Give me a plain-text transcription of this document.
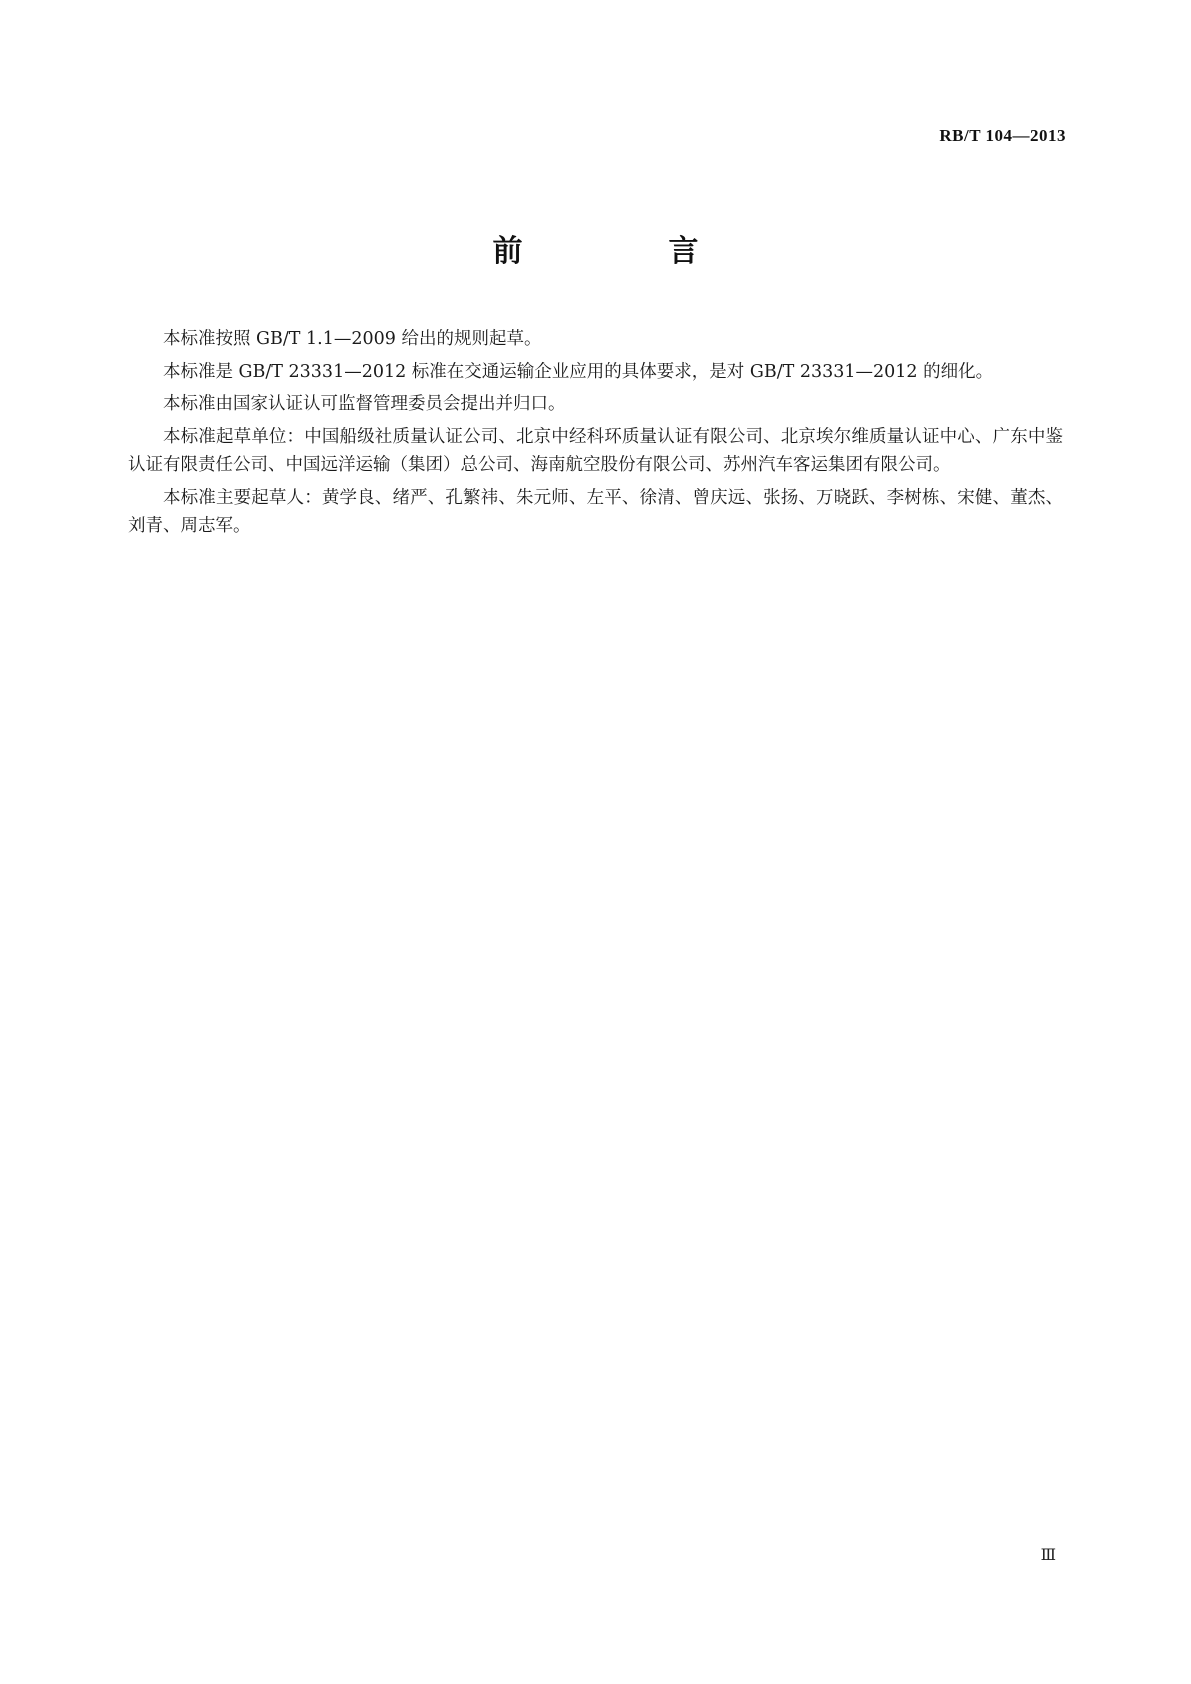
RB/T 104—2013
前　言

本标准按照 GB/T 1.1—2009 给出的规则起草。

本标准是 GB/T 23331—2012 标准在交通运输企业应用的具体要求，是对 GB/T 23331—2012 的细化。

本标准由国家认证认可监督管理委员会提出并归口。

本标准起草单位：中国船级社质量认证公司、北京中经科环质量认证有限公司、北京埃尔维质量认证中心、广东中鉴认证有限责任公司、中国远洋运输（集团）总公司、海南航空股份有限公司、苏州汽车客运集团有限公司。

本标准主要起草人：黄学良、绪严、孔繁祎、朱元师、左平、徐清、曾庆远、张扬、万晓跃、李树栋、宋健、董杰、刘青、周志军。

Ⅲ
